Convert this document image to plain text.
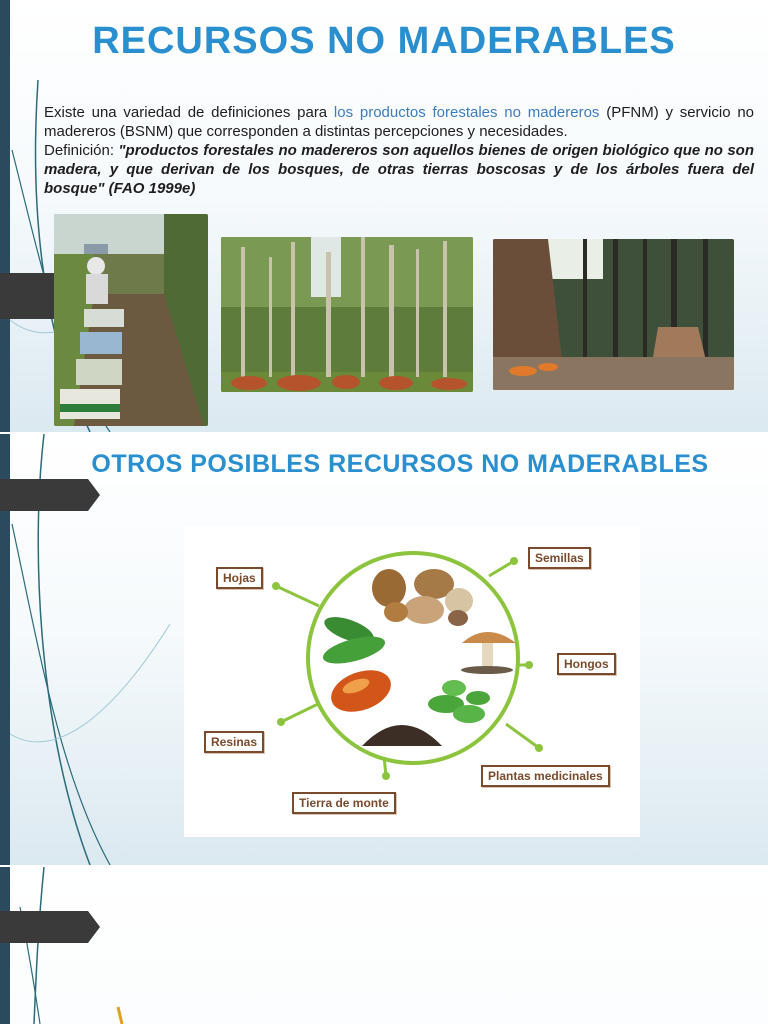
RECURSOS NO MADERABLES
Existe una variedad de definiciones para los productos forestales no madereros (PFNM) y servicio no madereros (BSNM) que corresponden a distintas percepciones y necesidades.
Definición: "productos forestales no madereros son aquellos bienes de origen biológico que no son madera, y que derivan de los bosques, de otras tierras boscosas y de los árboles fuera del bosque" (FAO 1999e)
OTROS POSIBLES RECURSOS NO MADERABLES
Hojas
Semillas
Hongos
Resinas
Plantas medicinales
Tierra de monte
